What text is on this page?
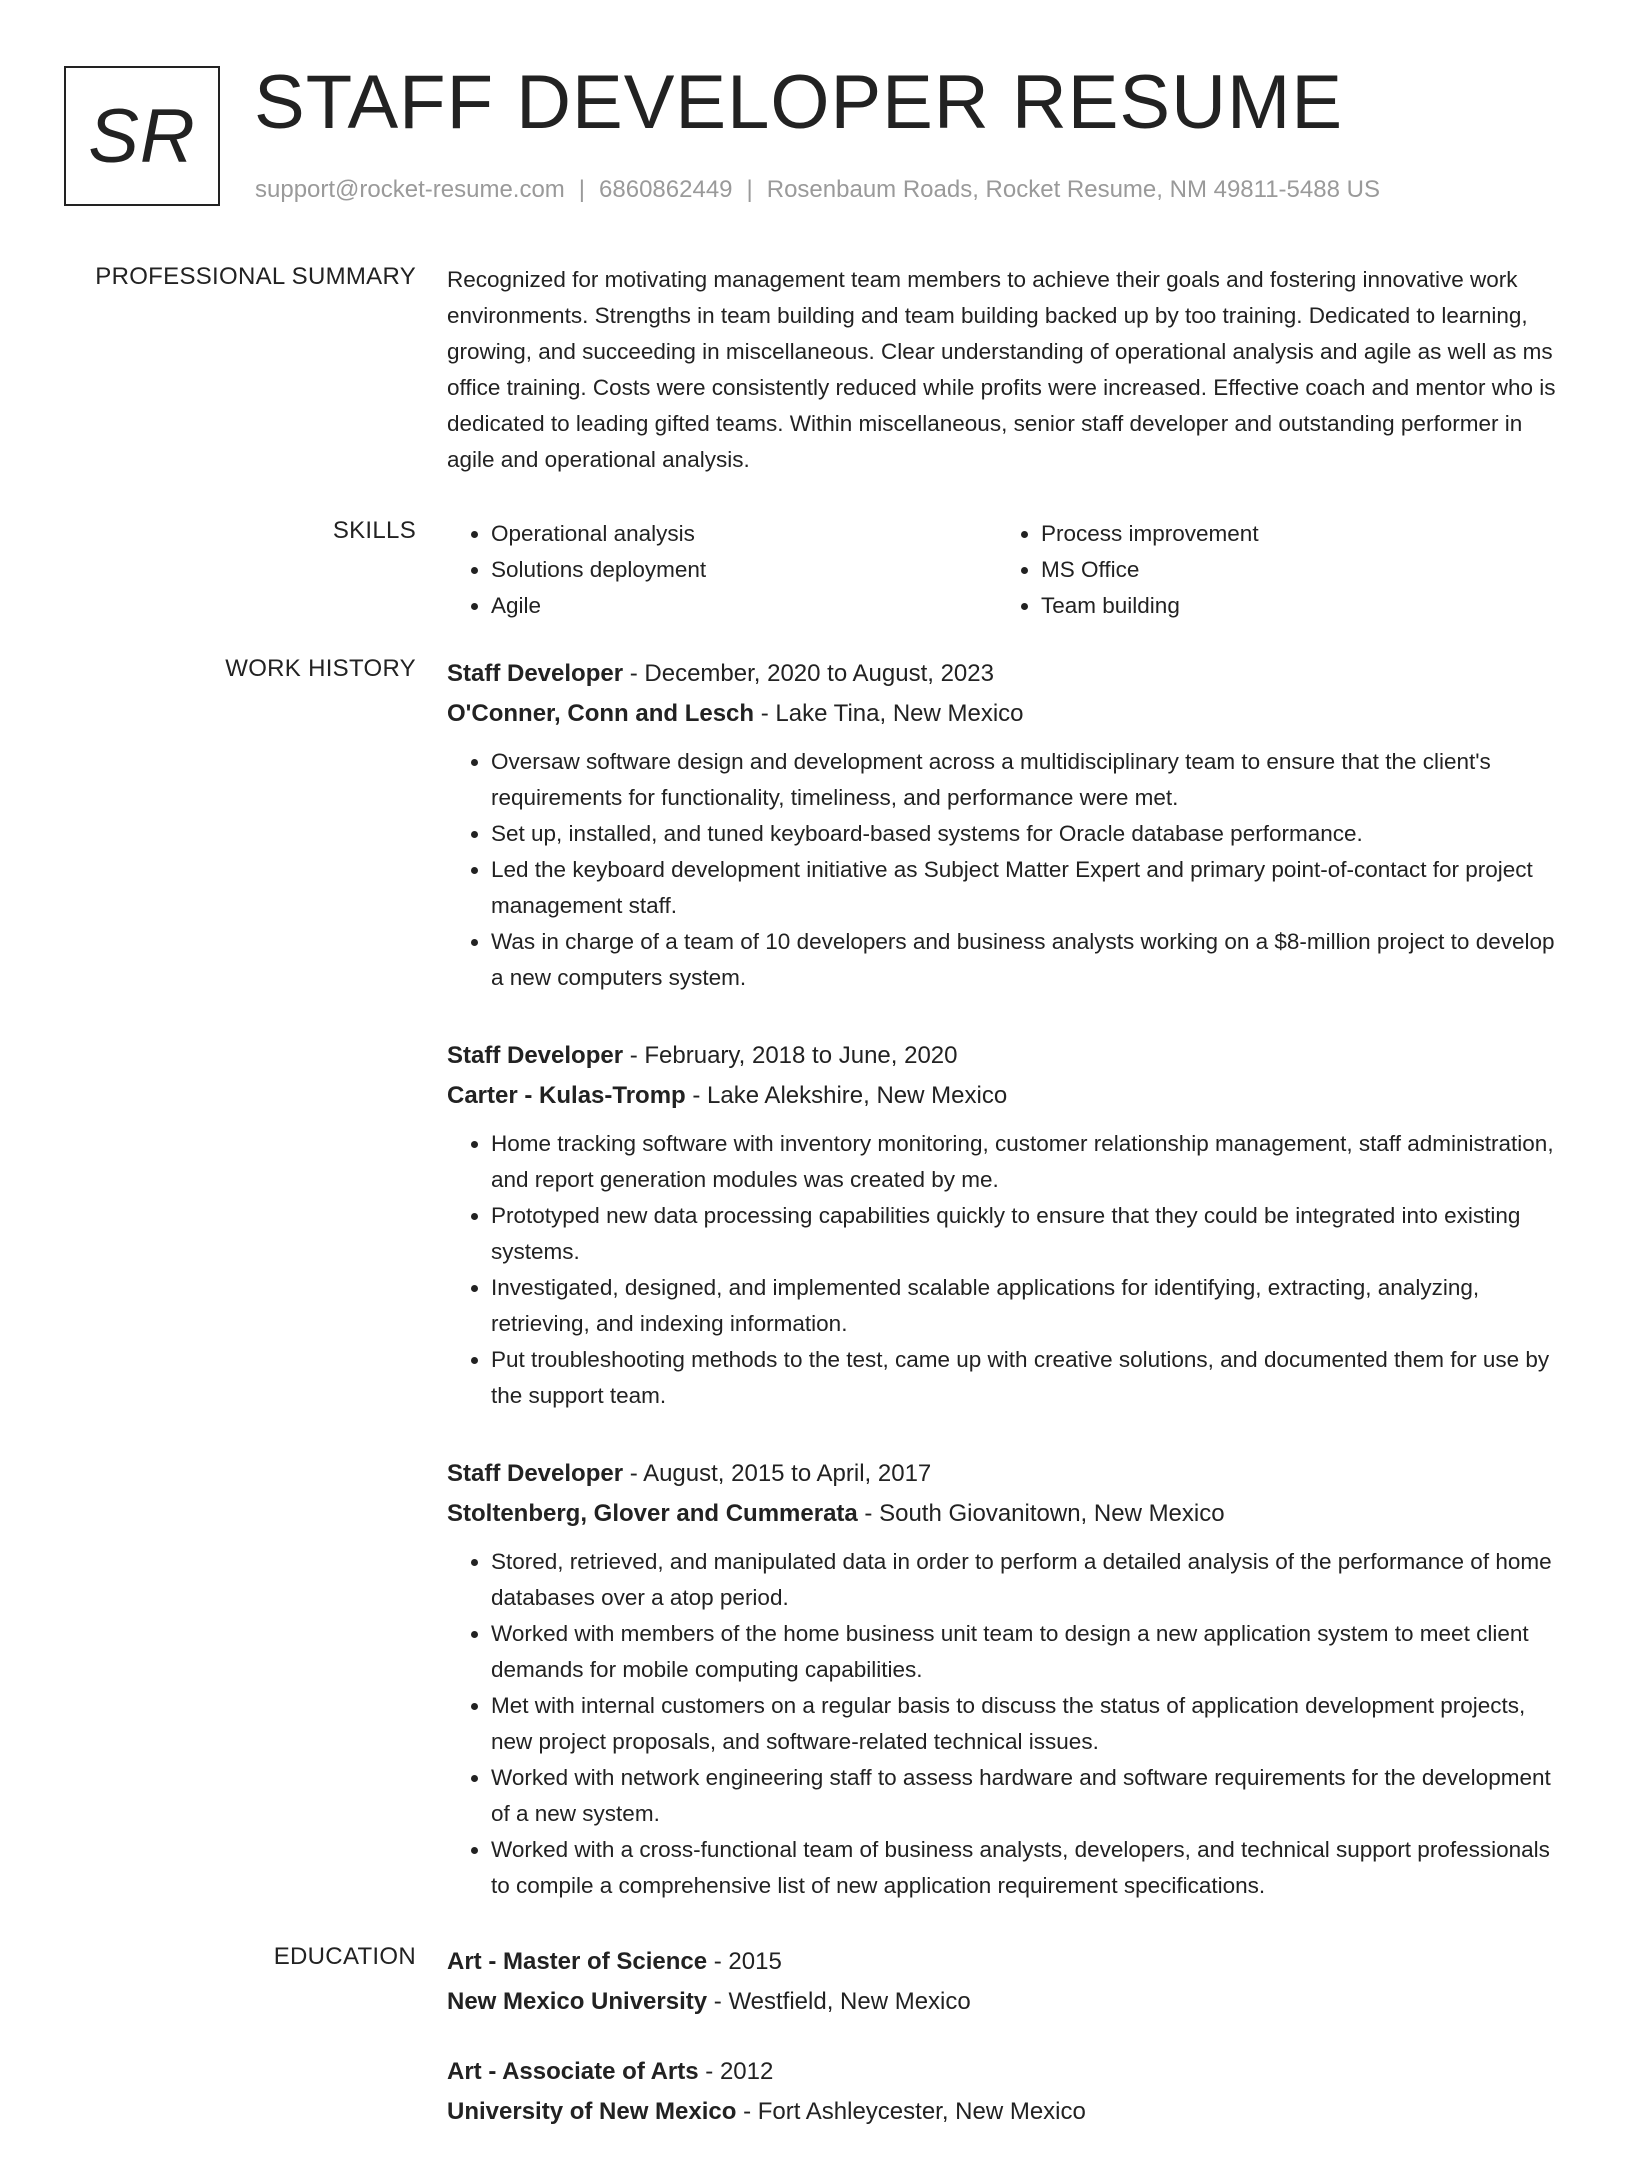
SR STAFF DEVELOPER RESUME
support@rocket-resume.com | 6860862449 | Rosenbaum Roads, Rocket Resume, NM 49811-5488 US
PROFESSIONAL SUMMARY Recognized for motivating management team members to achieve their goals and fostering innovative work environments. Strengths in team building and team building backed up by too training. Dedicated to learning, growing, and succeeding in miscellaneous. Clear understanding of operational analysis and agile as well as ms office training. Costs were consistently reduced while profits were increased. Effective coach and mentor who is dedicated to leading gifted teams. Within miscellaneous, senior staff developer and outstanding performer in agile and operational analysis.

SKILLS
•	Operational analysis
• Solutions deployment
• Agile
• Process improvement
• MS Office
• Team building
WORK HISTORY Staff Developer - December, 2020 to August, 2023
O'Conner, Conn and Lesch - Lake Tina, New Mexico
• Oversaw software design and development across a multidisciplinary team to ensure that the client's requirements for functionality, timeliness, and performance were met.
• Set up, installed, and tuned keyboard-based systems for Oracle database performance.
• Led the keyboard development initiative as Subject Matter Expert and primary point-of-contact for project management staff.
• Was in charge of a team of 10 developers and business analysts working on a $8-million project to develop a new computers system.
Staff Developer - February, 2018 to June, 2020
Carter - Kulas-Tromp - Lake Alekshire, New Mexico
• Home tracking software with inventory monitoring, customer relationship management, staff administration, and report generation modules was created by me.
• Prototyped new data processing capabilities quickly to ensure that they could be integrated into existing systems.
• Investigated, designed, and implemented scalable applications for identifying, extracting, analyzing, retrieving, and indexing information.
• Put troubleshooting methods to the test, came up with creative solutions, and documented them for use by the support team.
Staff Developer - August, 2015 to April, 2017
Stoltenberg, Glover and Cummerata - South Giovanitown, New Mexico
• Stored, retrieved, and manipulated data in order to perform a detailed analysis of the performance of home databases over a atop period.
• Worked with members of the home business unit team to design a new application system to meet client demands for mobile computing capabilities.
• Met with internal customers on a regular basis to discuss the status of application development projects, new project proposals, and software-related technical issues.
• Worked with network engineering staff to assess hardware and software requirements for the development of a new system.
• Worked with a cross-functional team of business analysts, developers, and technical support professionals to compile a comprehensive list of new application requirement specifications.
EDUCATION Art - Master of Science - 2015
New Mexico University - Westfield, New Mexico
Art - Associate of Arts - 2012
University of New Mexico - Fort Ashleycester, New Mexico
